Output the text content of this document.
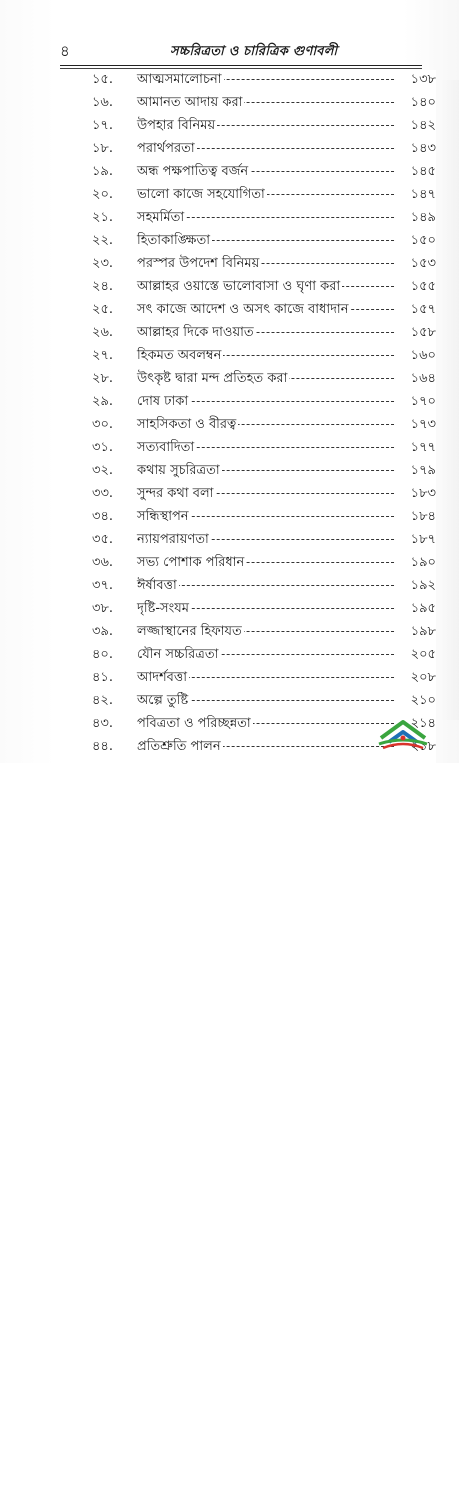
৪	সচ্চরিত্রতা ও চারিত্রিক গুণাবলী
১৫.	আত্মসমালোচনা	১৩৮
১৬.	আমানত আদায় করা	১৪০
১৭.	উপহার বিনিময়	১৪২
১৮.	পরার্থপরতা	১৪৩
১৯.	অন্ধ পক্ষপাতিত্ব বর্জন	১৪৫
২০.	ভালো কাজে সহযোগিতা	১৪৭
২১.	সহমর্মিতা	১৪৯
২২.	হিতাকাঙ্ক্ষিতা	১৫০
২৩.	পরস্পর উপদেশ বিনিময়	১৫৩
২৪.	আল্লাহর ওয়াস্তে ভালোবাসা ও ঘৃণা করা	১৫৫
২৫.	সৎ কাজে আদেশ ও অসৎ কাজে বাধাদান	১৫৭
২৬.	আল্লাহর দিকে দাওয়াত	১৫৮
২৭.	হিকমত অবলম্বন	১৬০
২৮.	উৎকৃষ্ট দ্বারা মন্দ প্রতিহত করা	১৬৪
২৯.	দোষ ঢাকা	১৭০
৩০.	সাহসিকতা ও বীরত্ব	১৭৩
৩১.	সত্যবাদিতা	১৭৭
৩২.	কথায় সুচরিত্রতা	১৭৯
৩৩.	সুন্দর কথা বলা	১৮৩
৩৪.	সন্ধিস্থাপন	১৮৪
৩৫.	ন্যায়পরায়ণতা	১৮৭
৩৬.	সভ্য পোশাক পরিধান	১৯০
৩৭.	ঈর্ষাবত্তা	১৯২
৩৮.	দৃষ্টি-সংযম	১৯৫
৩৯.	লজ্জাস্থানের হিফাযত	১৯৮
৪০.	যৌন সচ্চরিত্রতা	২০৫
৪১.	আদর্শবত্তা	২০৮
৪২.	অল্পে তুষ্টি	২১০
৪৩.	পবিত্রতা ও পরিচ্ছন্নতা	২১৪
৪৪.	প্রতিশ্রুতি পালন	২১৮
